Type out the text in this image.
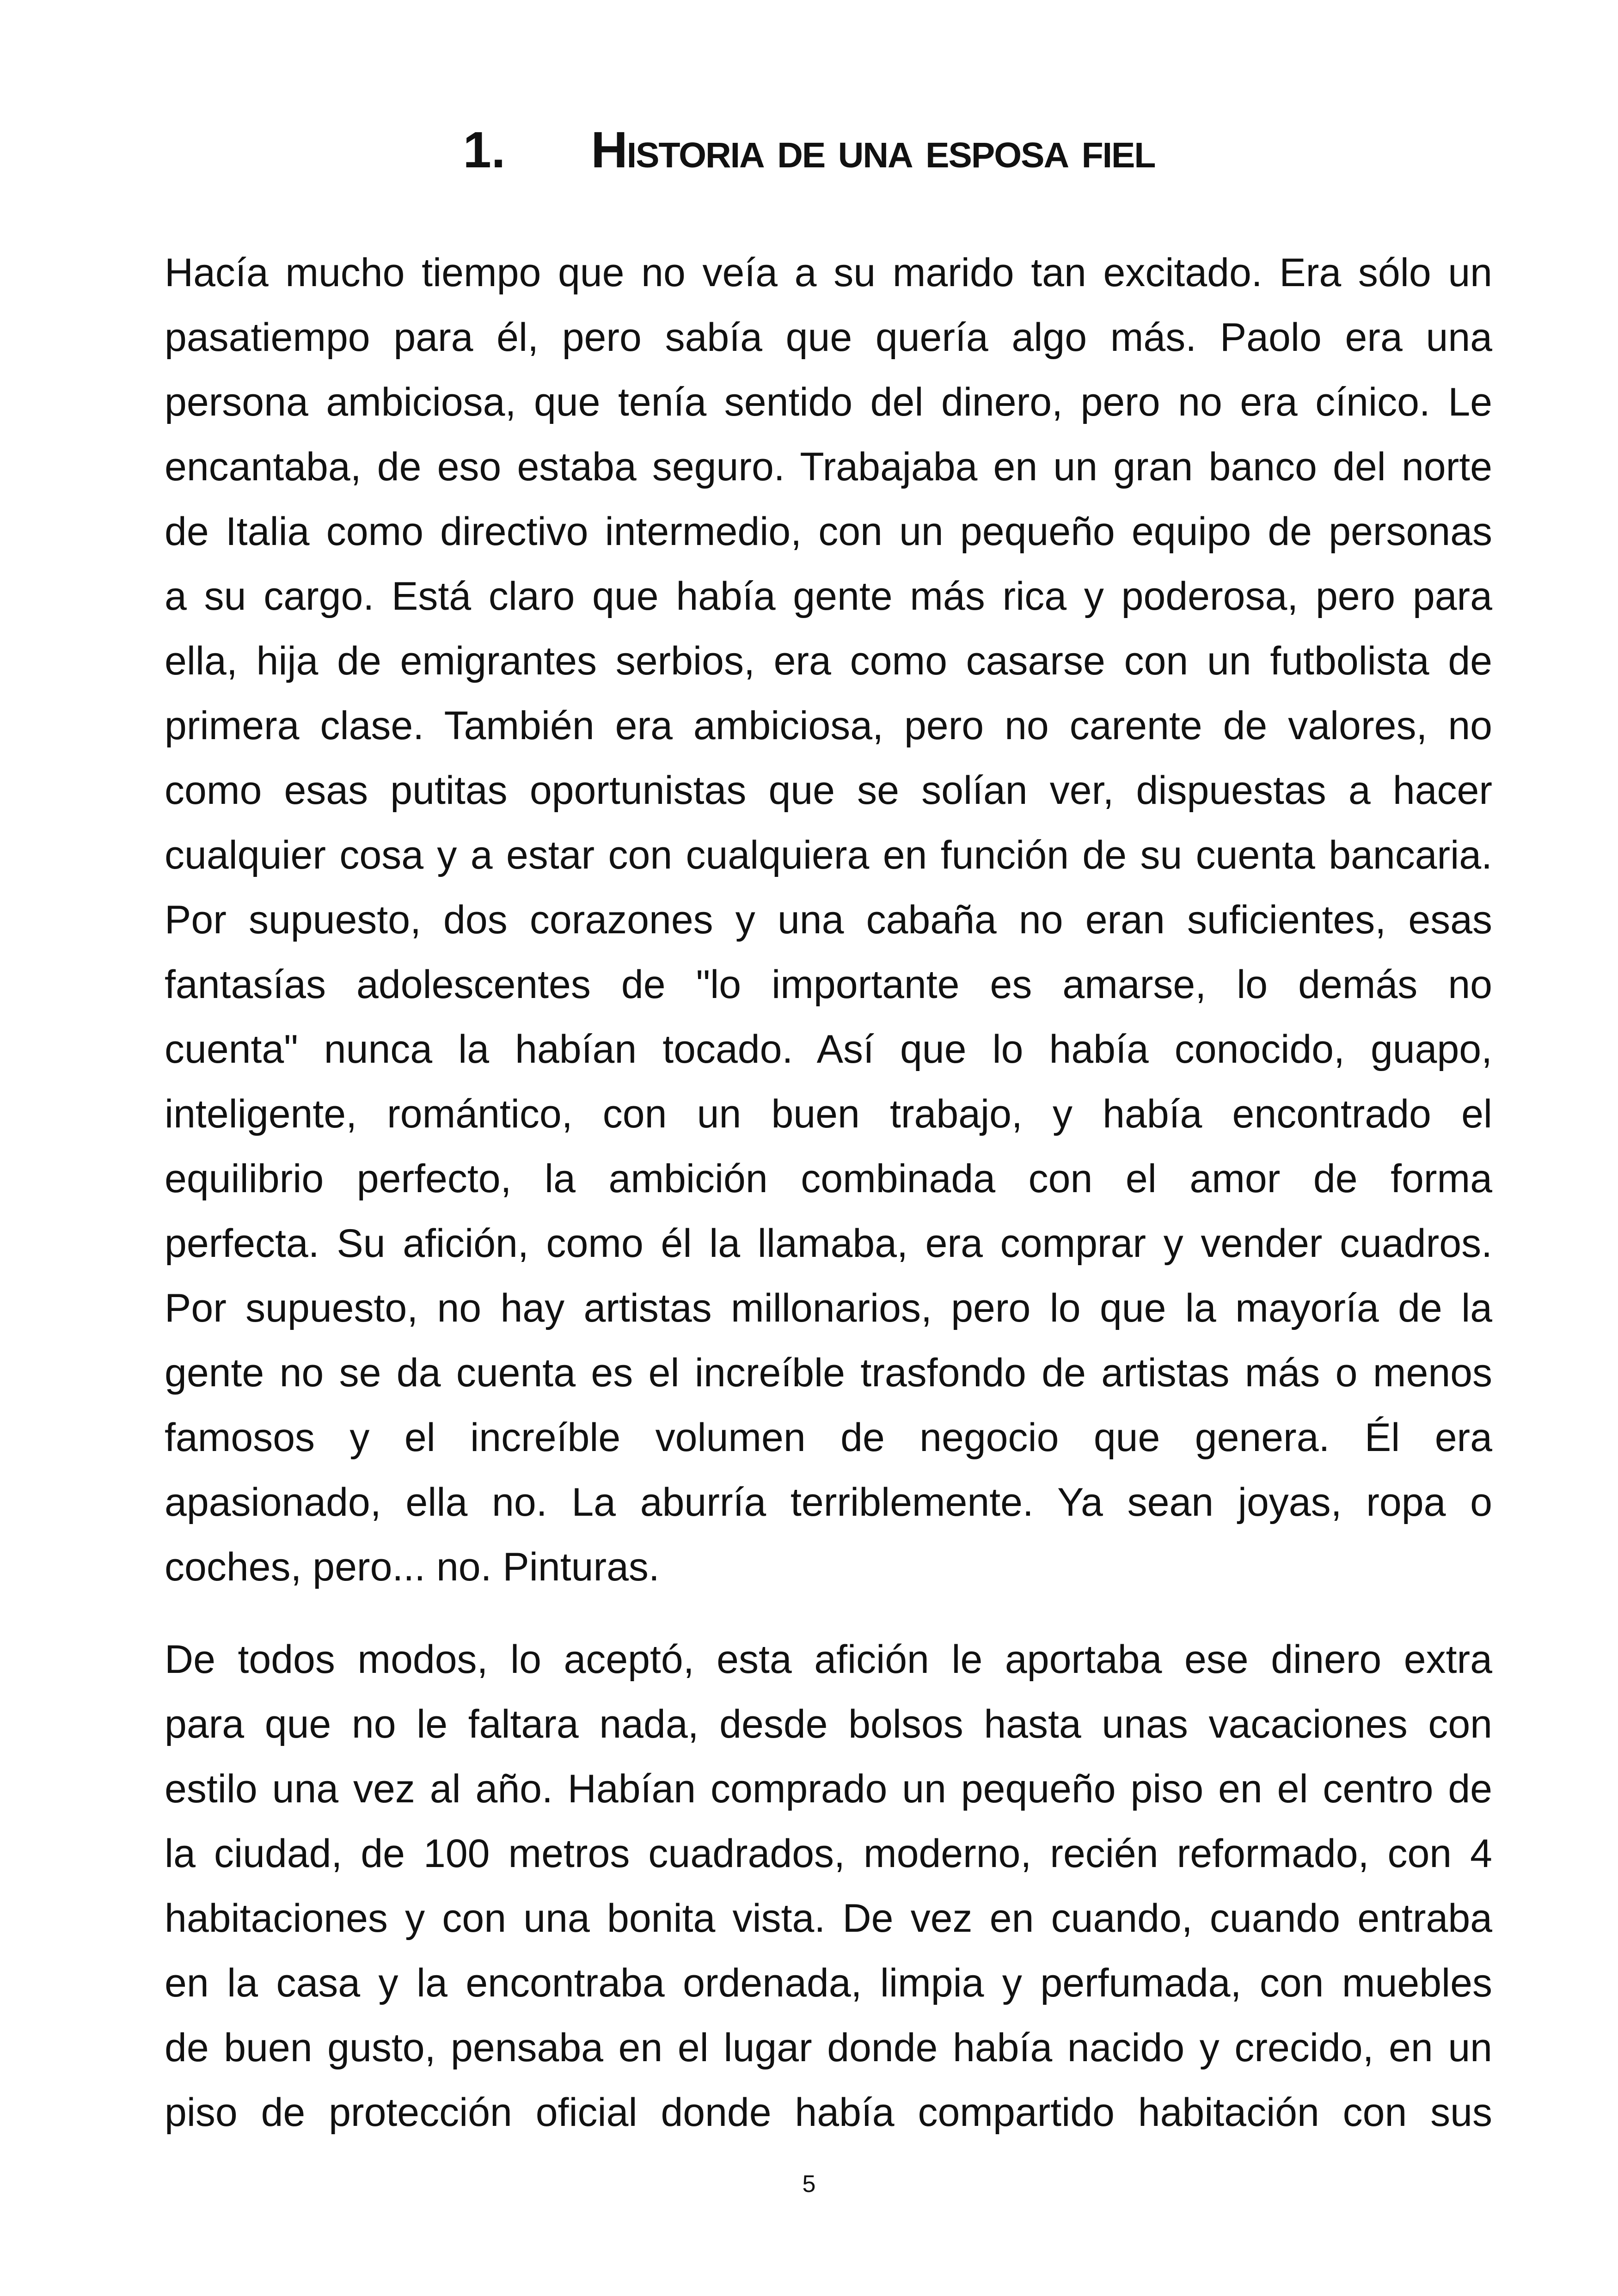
1. Historia de una esposa fiel
Hacía mucho tiempo que no veía a su marido tan excitado. Era sólo un
pasatiempo para él, pero sabía que quería algo más. Paolo era una
persona ambiciosa, que tenía sentido del dinero, pero no era cínico. Le
encantaba, de eso estaba seguro. Trabajaba en un gran banco del norte
de Italia como directivo intermedio, con un pequeño equipo de personas
a su cargo. Está claro que había gente más rica y poderosa, pero para
ella, hija de emigrantes serbios, era como casarse con un futbolista de
primera clase. También era ambiciosa, pero no carente de valores, no
como esas putitas oportunistas que se solían ver, dispuestas a hacer
cualquier cosa y a estar con cualquiera en función de su cuenta bancaria.
Por supuesto, dos corazones y una cabaña no eran suficientes, esas
fantasías adolescentes de "lo importante es amarse, lo demás no
cuenta" nunca la habían tocado. Así que lo había conocido, guapo,
inteligente, romántico, con un buen trabajo, y había encontrado el
equilibrio perfecto, la ambición combinada con el amor de forma
perfecta. Su afición, como él la llamaba, era comprar y vender cuadros.
Por supuesto, no hay artistas millonarios, pero lo que la mayoría de la
gente no se da cuenta es el increíble trasfondo de artistas más o menos
famosos y el increíble volumen de negocio que genera. Él era
apasionado, ella no. La aburría terriblemente. Ya sean joyas, ropa o
coches, pero... no. Pinturas.
De todos modos, lo aceptó, esta afición le aportaba ese dinero extra
para que no le faltara nada, desde bolsos hasta unas vacaciones con
estilo una vez al año. Habían comprado un pequeño piso en el centro de
la ciudad, de 100 metros cuadrados, moderno, recién reformado, con 4
habitaciones y con una bonita vista. De vez en cuando, cuando entraba
en la casa y la encontraba ordenada, limpia y perfumada, con muebles
de buen gusto, pensaba en el lugar donde había nacido y crecido, en un
piso de protección oficial donde había compartido habitación con sus
5
